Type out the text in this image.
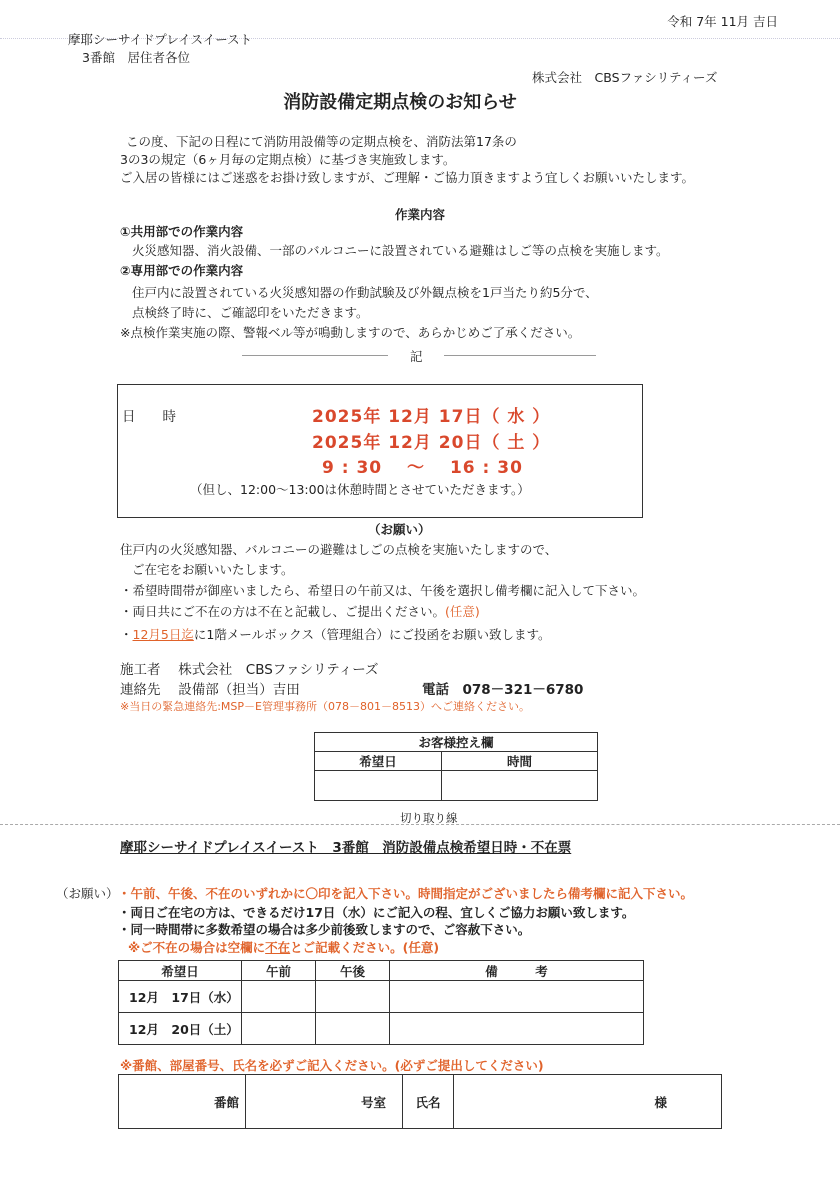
令和 7年 11月 吉日
摩耶シーサイドプレイスイースト
3番館　居住者各位
株式会社　CBSファシリティーズ
消防設備定期点検のお知らせ
この度、下記の日程にて消防用設備等の定期点検を、消防法第17条の
3の3の規定（6ヶ月毎の定期点検）に基づき実施致します。
ご入居の皆様にはご迷惑をお掛け致しますが、ご理解・ご協力頂きますよう宜しくお願いいたします。
作業内容
①共用部での作業内容
火災感知器、消火設備、一部のバルコニーに設置されている避難はしご等の点検を実施します。
②専用部での作業内容
住戸内に設置されている火災感知器の作動試験及び外観点検を1戸当たり約5分で、
点検終了時に、ご確認印をいただきます。
※点検作業実施の際、警報ベル等が鳴動しますので、あらかじめご了承ください。
記
日　　時	2025年 12月 17日（ 水 ）
2025年 12月 20日（ 土 ）
9 : 30　 ～　 16 : 30
（但し、12:00～13:00は休憩時間とさせていただきます。）
（お願い）
住戸内の火災感知器、バルコニーの避難はしごの点検を実施いたしますので、
ご在宅をお願いいたします。
・希望時間帯が御座いましたら、希望日の午前又は、午後を選択し備考欄に記入して下さい。
・両日共にご不在の方は不在と記載し、ご提出ください。(任意)
・12月5日迄に1階メールボックス（管理組合）にご投函をお願い致します。
施工者　 株式会社　CBSファシリティーズ
連絡先　 設備部（担当）吉田	電話　078－321－6780
※当日の緊急連絡先:MSP－E管理事務所（078－801－8513）へご連絡ください。
お客様控え欄	
希望日	時間

切り取り線
摩耶シーサイドプレイスイースト　3番館　消防設備点検希望日時・不在票
（お願い） ・午前、午後、不在のいずれかに〇印を記入下さい。時間指定がございましたら備考欄に記入下さい。
・両日ご在宅の方は、できるだけ17日（水）にご記入の程、宜しくご協力お願い致します。
・同一時間帯に多数希望の場合は多少前後致しますので、ご容赦下さい。
※ご不在の場合は空欄に不在とご記載ください。(任意)
希望日	午前	午後	備　　　考
12月　17日（水）			
12月　20日（土）			
※番館、部屋番号、氏名を必ずご記入ください。(必ずご提出してください)
番館	号室	氏名	様
